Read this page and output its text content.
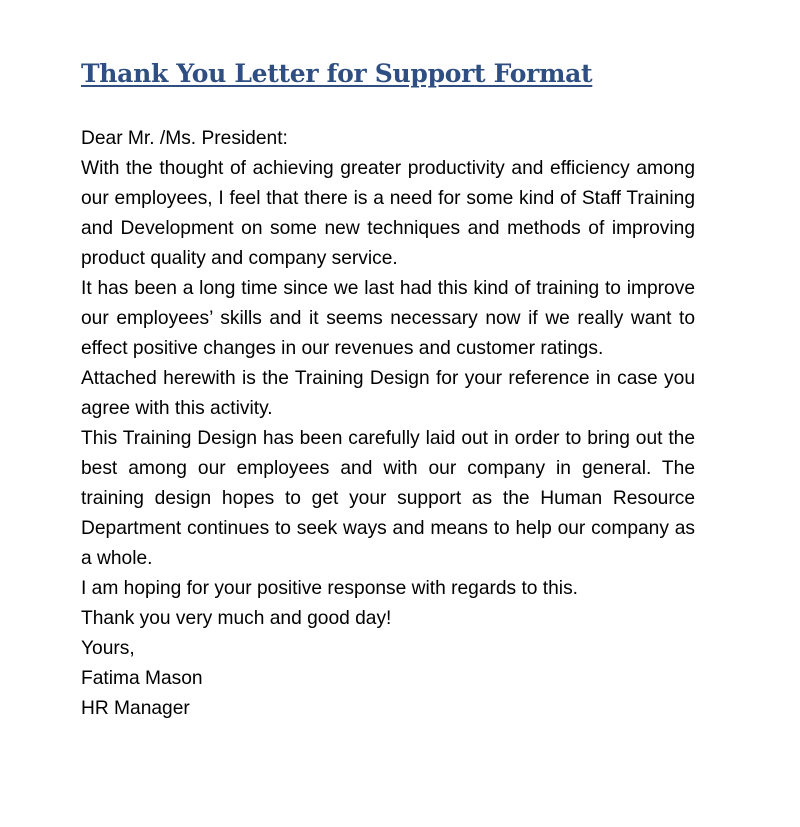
Thank You Letter for Support Format

Dear Mr. /Ms. President:

With the thought of achieving greater productivity and efficiency among our employees, I feel that there is a need for some kind of Staff Training and Development on some new techniques and methods of improving product quality and company service.

It has been a long time since we last had this kind of training to improve our employees’ skills and it seems necessary now if we really want to effect positive changes in our revenues and customer ratings.

Attached herewith is the Training Design for your reference in case you agree with this activity.

This Training Design has been carefully laid out in order to bring out the best among our employees and with our company in general. The training design hopes to get your support as the Human Resource Department continues to seek ways and means to help our company as a whole.

I am hoping for your positive response with regards to this.

Thank you very much and good day!

Yours,

Fatima Mason

HR Manager
